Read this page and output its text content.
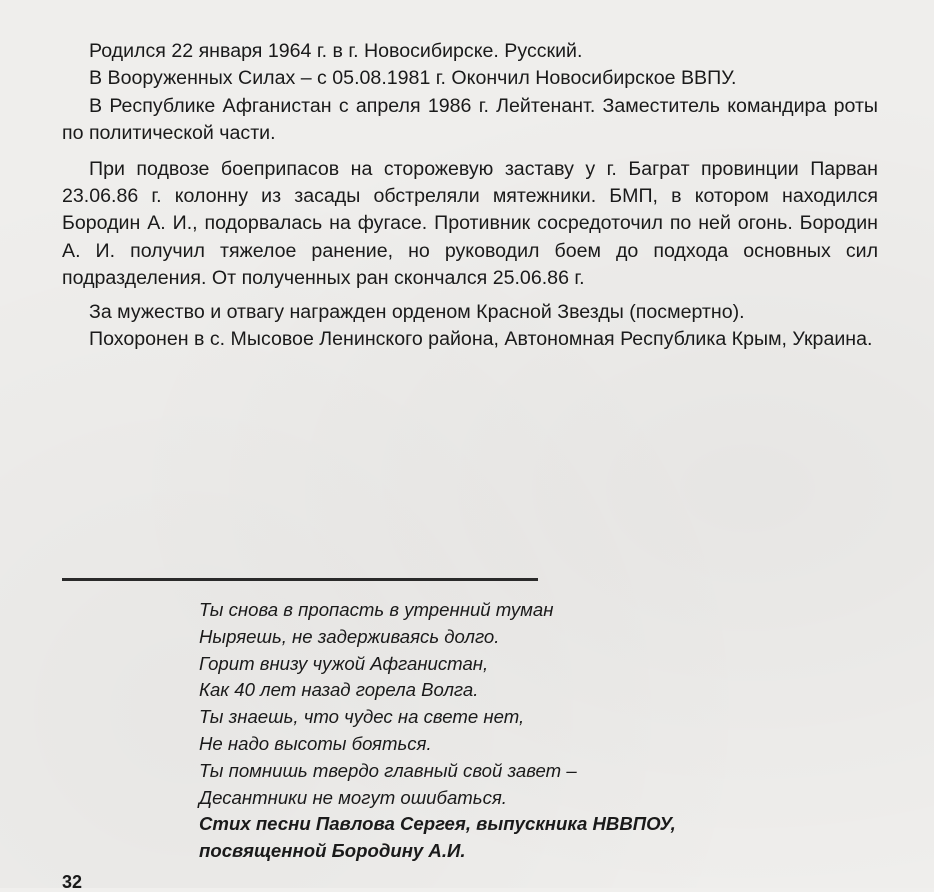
Родился 22 января 1964 г. в г. Новосибирске. Русский.

В Вооруженных Силах – с 05.08.1981 г. Окончил Новосибирское ВВПУ.

В Республике Афганистан с апреля 1986 г. Лейтенант. Заместитель командира роты по политической части.

При подвозе боеприпасов на сторожевую заставу у г. Баграт провинции Парван 23.06.86 г. колонну из засады обстреляли мятежники. БМП, в котором находился Бородин А. И., подорвалась на фугасе. Противник сосредоточил по ней огонь. Бородин А. И. получил тяжелое ранение, но руководил боем до подхода основных сил подразделения. От полученных ран скончался 25.06.86 г.

За мужество и отвагу награжден орденом Красной Звезды (посмертно).

Похоронен в с. Мысовое Ленинского района, Автономная Республика Крым, Украина.

Ты снова в пропасть в утренний туман
Ныряешь, не задерживаясь долго.
Горит внизу чужой Афганистан,
Как 40 лет назад горела Волга.
Ты знаешь, что чудес на свете нет,
Не надо высоты бояться.
Ты помнишь твердо главный свой завет –
Десантники не могут ошибаться.
Стих песни Павлова Сергея, выпускника НВВПОУ,
посвященной Бородину А.И.
32
